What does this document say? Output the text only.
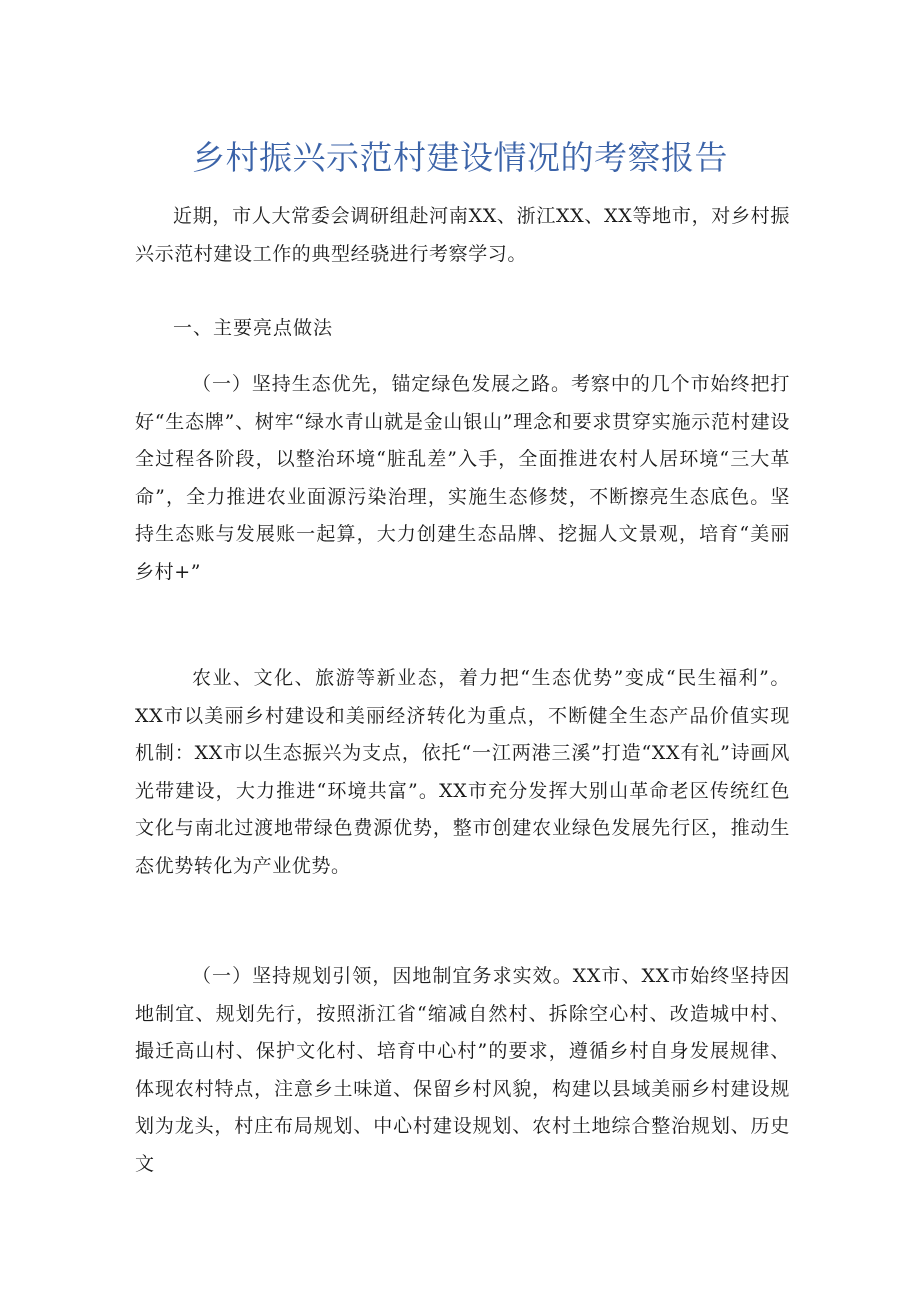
乡村振兴示范村建设情况的考察报告

近期，市人大常委会调研组赴河南XX、浙江XX、XX等地市，对乡村振兴示范村建设工作的典型经骁进行考察学习。

一、主要亮点做法

（一）坚持生态优先，锚定绿色发展之路。考察中的几个市始终把打好“生态牌”、树牢“绿水青山就是金山银山”理念和要求贯穿实施示范村建设全过程各阶段，以整治环境“脏乱差”入手，全面推进农村人居环境“三大革命”，全力推进农业面源污染治理，实施生态修焚，不断擦亮生态底色。坚持生态账与发展账一起算，大力创建生态品牌、挖掘人文景观，培育“美丽乡村+”

农业、文化、旅游等新业态，着力把“生态优势”变成“民生福利”。XX市以美丽乡村建设和美丽经济转化为重点，不断健全生态产品价值实现机制：XX市以生态振兴为支点，依托“一江两港三溪”打造“XX有礼”诗画风光带建设，大力推进“环境共富”。XX市充分发挥大别山革命老区传统红色文化与南北过渡地带绿色费源优势，整市创建农业绿色发展先行区，推动生态优势转化为产业优势。

（一）坚持规划引领，因地制宜务求实效。XX市、XX市始终坚持因地制宜、规划先行，按照浙江省“缩减自然村、拆除空心村、改造城中村、撮迁高山村、保护文化村、培育中心村”的要求，遵循乡村自身发展规律、体现农村特点，注意乡土味道、保留乡村风貌，构建以县域美丽乡村建设规划为龙头，村庄布局规划、中心村建设规划、农村土地综合整治规划、历史文
